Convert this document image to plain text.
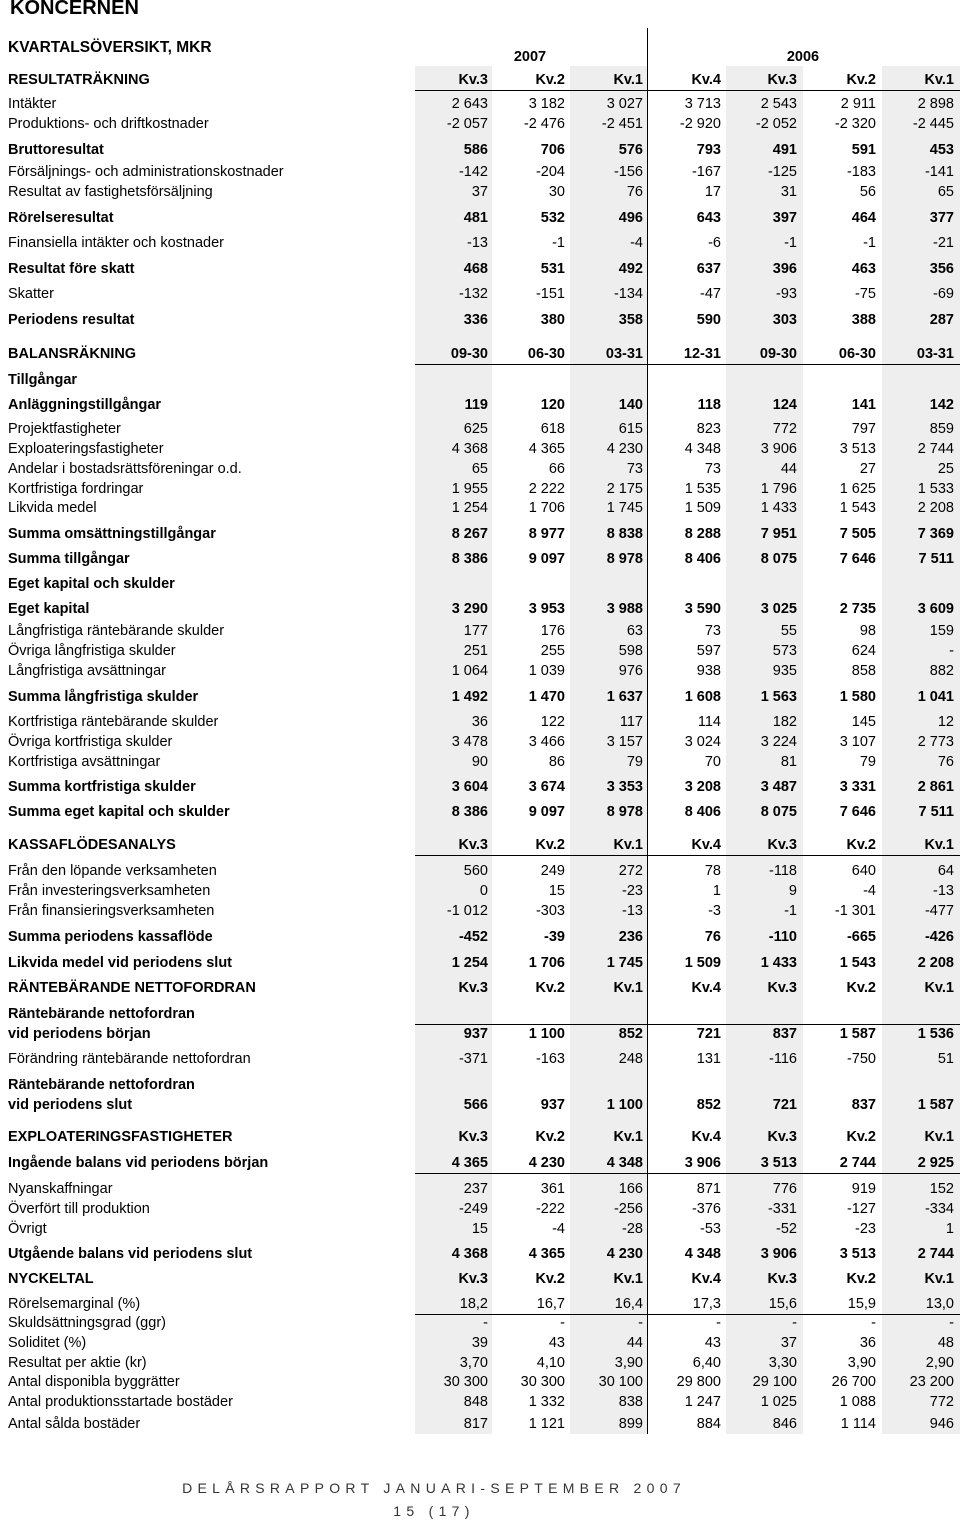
KONCERNEN
KVARTALSÖVERSIKT, MKR
2007	2006
RESULTATRÄKNING	Kv.3	Kv.2	Kv.1	Kv.4	Kv.3	Kv.2	Kv.1
Intäkter	2 643	3 182	3 027	3 713	2 543	2 911	2 898
Produktions- och driftkostnader	-2 057	-2 476	-2 451	-2 920	-2 052	-2 320	-2 445
Bruttoresultat	586	706	576	793	491	591	453
Försäljnings- och administrationskostnader	-142	-204	-156	-167	-125	-183	-141
Resultat av fastighetsförsäljning	37	30	76	17	31	56	65
Rörelseresultat	481	532	496	643	397	464	377
Finansiella intäkter och kostnader	-13	-1	-4	-6	-1	-1	-21
Resultat före skatt	468	531	492	637	396	463	356
Skatter	-132	-151	-134	-47	-93	-75	-69
Periodens resultat	336	380	358	590	303	388	287
BALANSRÄKNING	09-30	06-30	03-31	12-31	09-30	06-30	03-31
Tillgångar
Anläggningstillgångar	119	120	140	118	124	141	142
Projektfastigheter	625	618	615	823	772	797	859
Exploateringsfastigheter	4 368	4 365	4 230	4 348	3 906	3 513	2 744
Andelar i bostadsrättsföreningar o.d.	65	66	73	73	44	27	25
Kortfristiga fordringar	1 955	2 222	2 175	1 535	1 796	1 625	1 533
Likvida medel	1 254	1 706	1 745	1 509	1 433	1 543	2 208
Summa omsättningstillgångar	8 267	8 977	8 838	8 288	7 951	7 505	7 369
Summa tillgångar	8 386	9 097	8 978	8 406	8 075	7 646	7 511
Eget kapital och skulder
Eget kapital	3 290	3 953	3 988	3 590	3 025	2 735	3 609
Långfristiga räntebärande skulder	177	176	63	73	55	98	159
Övriga långfristiga skulder	251	255	598	597	573	624	-
Långfristiga avsättningar	1 064	1 039	976	938	935	858	882
Summa långfristiga skulder	1 492	1 470	1 637	1 608	1 563	1 580	1 041
Kortfristiga räntebärande skulder	36	122	117	114	182	145	12
Övriga kortfristiga skulder	3 478	3 466	3 157	3 024	3 224	3 107	2 773
Kortfristiga avsättningar	90	86	79	70	81	79	76
Summa kortfristiga skulder	3 604	3 674	3 353	3 208	3 487	3 331	2 861
Summa eget kapital och skulder	8 386	9 097	8 978	8 406	8 075	7 646	7 511
KASSAFLÖDESANALYS	Kv.3	Kv.2	Kv.1	Kv.4	Kv.3	Kv.2	Kv.1
Från den löpande verksamheten	560	249	272	78	-118	640	64
Från investeringsverksamheten	0	15	-23	1	9	-4	-13
Från finansieringsverksamheten	-1 012	-303	-13	-3	-1	-1 301	-477
Summa periodens kassaflöde	-452	-39	236	76	-110	-665	-426
Likvida medel vid periodens slut	1 254	1 706	1 745	1 509	1 433	1 543	2 208
RÄNTEBÄRANDE NETTOFORDRAN	Kv.3	Kv.2	Kv.1	Kv.4	Kv.3	Kv.2	Kv.1
Räntebärande nettofordran
vid periodens början	937	1 100	852	721	837	1 587	1 536
Förändring räntebärande nettofordran	-371	-163	248	131	-116	-750	51
Räntebärande nettofordran
vid periodens slut	566	937	1 100	852	721	837	1 587
EXPLOATERINGSFASTIGHETER	Kv.3	Kv.2	Kv.1	Kv.4	Kv.3	Kv.2	Kv.1
Ingående balans vid periodens början	4 365	4 230	4 348	3 906	3 513	2 744	2 925
Nyanskaffningar	237	361	166	871	776	919	152
Överfört till produktion	-249	-222	-256	-376	-331	-127	-334
Övrigt	15	-4	-28	-53	-52	-23	1
Utgående balans vid periodens slut	4 368	4 365	4 230	4 348	3 906	3 513	2 744
NYCKELTAL	Kv.3	Kv.2	Kv.1	Kv.4	Kv.3	Kv.2	Kv.1
Rörelsemarginal (%)	18,2	16,7	16,4	17,3	15,6	15,9	13,0
Skuldsättningsgrad (ggr)	-	-	-	-	-	-	-
Soliditet (%)	39	43	44	43	37	36	48
Resultat per aktie (kr)	3,70	4,10	3,90	6,40	3,30	3,90	2,90
Antal disponibla byggrätter	30 300	30 300	30 100	29 800	29 100	26 700	23 200
Antal produktionsstartade bostäder	848	1 332	838	1 247	1 025	1 088	772
Antal sålda bostäder	817	1 121	899	884	846	1 114	946
DELÅRSRAPPORT JANUARI-SEPTEMBER 2007
15 (17)
